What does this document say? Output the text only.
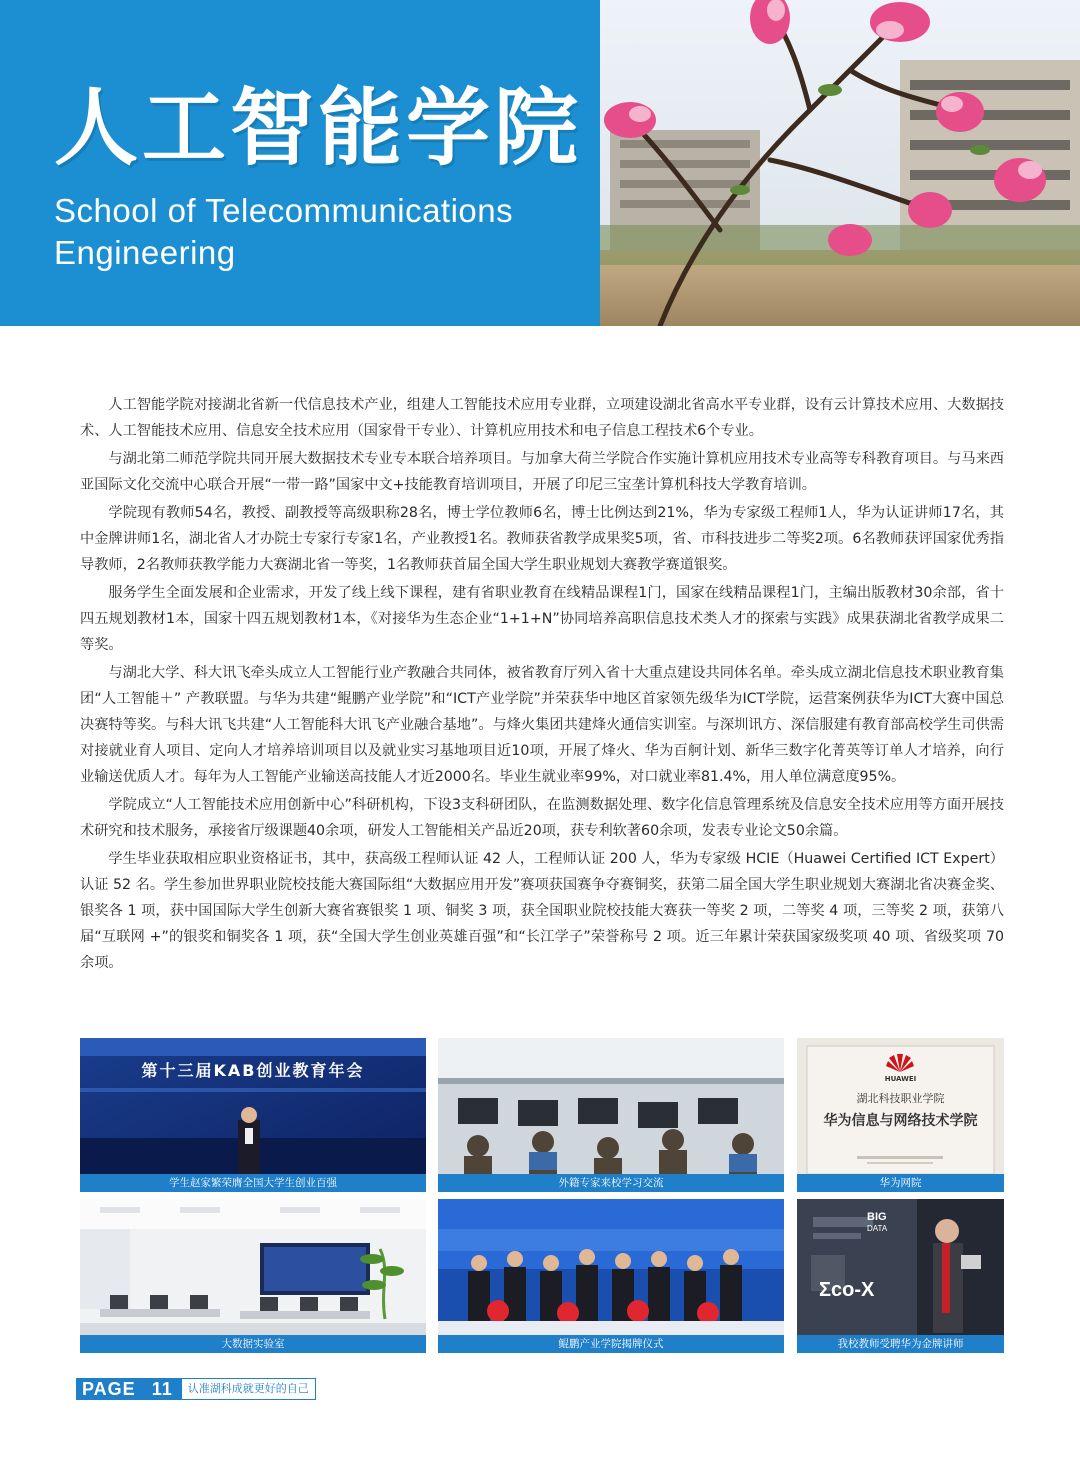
人工智能学院
School of Telecommunications
Engineering

人工智能学院对接湖北省新一代信息技术产业，组建人工智能技术应用专业群，立项建设湖北省高水平专业群，设有云计算技术应用、大数据技术、人工智能技术应用、信息安全技术应用（国家骨干专业）、计算机应用技术和电子信息工程技术6个专业。

与湖北第二师范学院共同开展大数据技术专业专本联合培养项目。与加拿大荷兰学院合作实施计算机应用技术专业高等专科教育项目。与马来西亚国际文化交流中心联合开展“一带一路”国家中文+技能教育培训项目，开展了印尼三宝垄计算机科技大学教育培训。

学院现有教师54名，教授、副教授等高级职称28名，博士学位教师6名，博士比例达到21%，华为专家级工程师1人，华为认证讲师17名，其中金牌讲师1名，湖北省人才办院士专家行专家1名，产业教授1名。教师获省教学成果奖5项，省、市科技进步二等奖2项。6名教师获评国家优秀指导教师，2名教师获教学能力大赛湖北省一等奖，1名教师获首届全国大学生职业规划大赛教学赛道银奖。

服务学生全面发展和企业需求，开发了线上线下课程，建有省职业教育在线精品课程1门，国家在线精品课程1门，主编出版教材30余部，省十四五规划教材1本，国家十四五规划教材1本，《对接华为生态企业“1+1+N”协同培养高职信息技术类人才的探索与实践》成果获湖北省教学成果二等奖。

与湖北大学、科大讯飞牵头成立人工智能行业产教融合共同体，被省教育厅列入省十大重点建设共同体名单。牵头成立湖北信息技术职业教育集团“人工智能＋” 产教联盟。与华为共建“鲲鹏产业学院”和“ICT产业学院”并荣获华中地区首家领先级华为ICT学院，运营案例获华为ICT大赛中国总决赛特等奖。与科大讯飞共建“人工智能科大讯飞产业融合基地”。与烽火集团共建烽火通信实训室。与深圳讯方、深信服建有教育部高校学生司供需对接就业育人项目、定向人才培养培训项目以及就业实习基地项目近10项，开展了烽火、华为百舸计划、新华三数字化菁英等订单人才培养，向行业输送优质人才。每年为人工智能产业输送高技能人才近2000名。毕业生就业率99%，对口就业率81.4%，用人单位满意度95%。

学院成立“人工智能技术应用创新中心”科研机构，下设3支科研团队，在监测数据处理、数字化信息管理系统及信息安全技术应用等方面开展技术研究和技术服务，承接省厅级课题40余项，研发人工智能相关产品近20项，获专利软著60余项，发表专业论文50余篇。

学生毕业获取相应职业资格证书，其中，获高级工程师认证 42 人，工程师认证 200 人，华为专家级 HCIE（Huawei Certified ICT Expert）认证 52 名。学生参加世界职业院校技能大赛国际组“大数据应用开发”赛项获国赛争夺赛铜奖，获第二届全国大学生职业规划大赛湖北省决赛金奖、银奖各 1 项，获中国国际大学生创新大赛省赛银奖 1 项、铜奖 3 项，获全国职业院校技能大赛获一等奖 2 项，二等奖 4 项，三等奖 2 项，获第八届“互联网 +”的银奖和铜奖各 1 项，获“全国大学生创业英雄百强”和“长江学子”荣誉称号 2 项。近三年累计荣获国家级奖项 40 项、省级奖项 70 余项。

第十三届KAB创业教育年会
学生赵家繁荣膺全国大学生创业百强	外籍专家来校学习交流
HUAWEI
湖北科技职业学院
华为信息与网络技术学院
华为网院
大数据实验室	鲲鹏产业学院揭牌仪式
BIG
DATA
Σco-X
我校教师受聘华为金牌讲师
PAGE 11	认准湖科成就更好的自己
